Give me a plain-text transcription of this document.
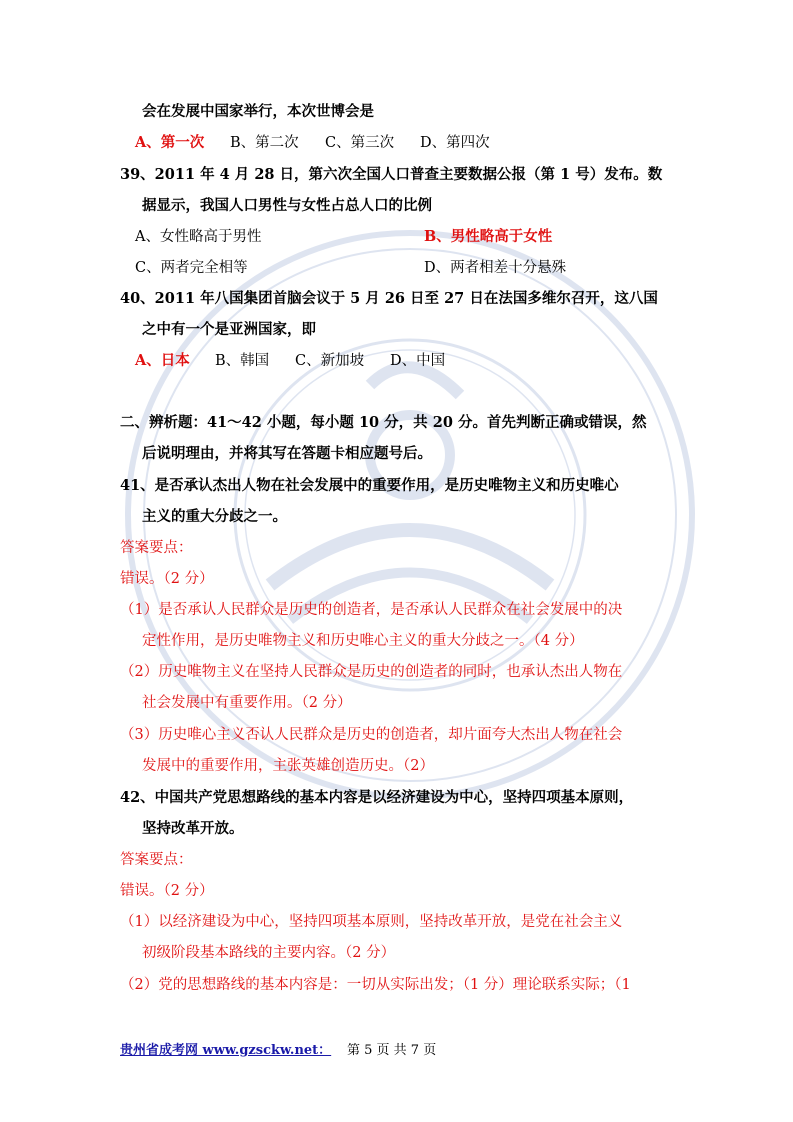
会在发展中国家举行，本次世博会是
A、第一次 B、第二次 C、第三次 D、第四次
39、2011 年 4 月 28 日，第六次全国人口普查主要数据公报（第 1 号）发布。数
据显示，我国人口男性与女性占总人口的比例
A、女性略高于男性	B、男性略高于女性
C、两者完全相等	D、两者相差十分悬殊
40、2011 年八国集团首脑会议于 5 月 26 日至 27 日在法国多维尔召开，这八国
之中有一个是亚洲国家，即
A、日本 B、韩国 C、新加坡 D、中国
二、辨析题：41～42 小题，每小题 10 分，共 20 分。首先判断正确或错误，然
后说明理由，并将其写在答题卡相应题号后。
41、是否承认杰出人物在社会发展中的重要作用，是历史唯物主义和历史唯心
主义的重大分歧之一。
答案要点：
错误。（2 分）
（1）是否承认人民群众是历史的创造者，是否承认人民群众在社会发展中的决
定性作用，是历史唯物主义和历史唯心主义的重大分歧之一。（4 分）
（2）历史唯物主义在坚持人民群众是历史的创造者的同时，也承认杰出人物在
社会发展中有重要作用。（2 分）
（3）历史唯心主义否认人民群众是历史的创造者，却片面夸大杰出人物在社会
发展中的重要作用，主张英雄创造历史。（2）
42、中国共产党思想路线的基本内容是以经济建设为中心，坚持四项基本原则，
坚持改革开放。
答案要点：
错误。（2 分）
（1）以经济建设为中心，坚持四项基本原则，坚持改革开放，是党在社会主义
初级阶段基本路线的主要内容。（2 分）
（2）党的思想路线的基本内容是：一切从实际出发；（1 分）理论联系实际；（1
贵州省成考网 www.gzsckw.net： 第 5 页 共 7 页
